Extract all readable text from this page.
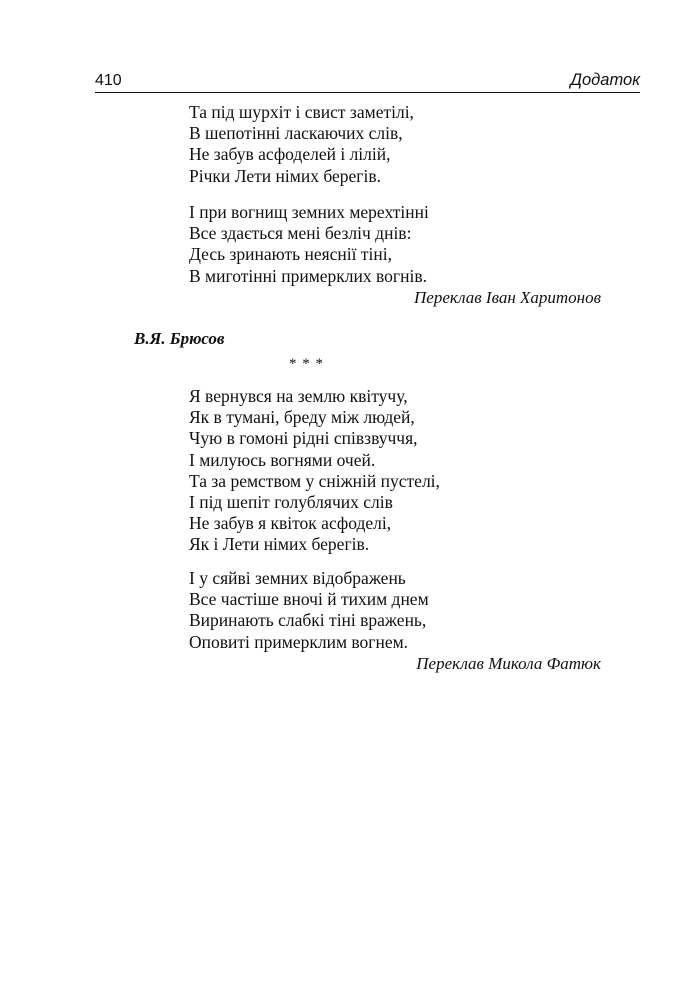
410	Додаток
Та під шурхіт і свист заметілі,
В шепотінні ласкаючих слів,
Не забув асфоделей і лілій,
Річки Лети німих берегів.
І при вогнищ земних мерехтінні
Все здається мені безліч днів:
Десь зринають неяснії тіні,
В миготінні примерклих вогнів.
Переклав Іван Харитонов
В.Я. Брюсов
* * *
Я вернувся на землю квітучу,
Як в тумані, бреду між людей,
Чую в гомоні рідні співзвуччя,
І милуюсь вогнями очей.
Та за ремством у сніжній пустелі,
І під шепіт голублячих слів
Не забув я квіток асфоделі,
Як і Лети німих берегів.
І у сяйві земних відображень
Все частіше вночі й тихим днем
Виринають слабкі тіні вражень,
Оповиті примерклим вогнем.
Переклав Микола Фатюк
